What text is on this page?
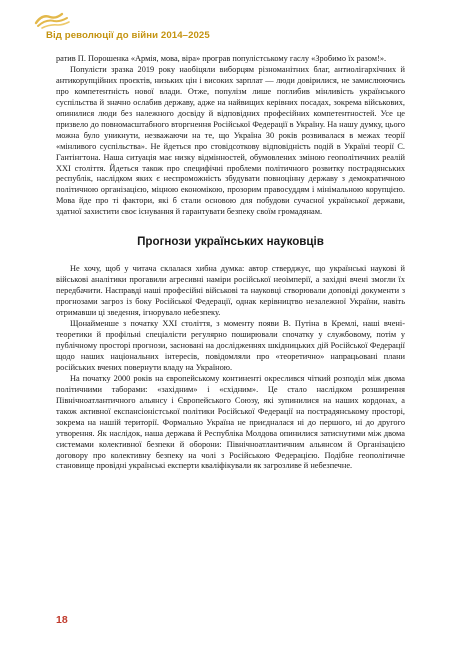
Від революції до війни 2014–2025

ратив П. Порошенка «Армія, мова, віра» програв популістському гаслу «Зробимо їх разом!».

Популісти зразка 2019 року наобіцяли виборцям різноманітних благ, антиолігархічних й антикорупційних проєктів, низьких цін і високих зарплат — люди довірилися, не замислюючись про компетентність нової влади. Отже, популізм лише поглибив мінливість українського суспільства й значно ослабив державу, адже на найвищих керівних посадах, зокрема військових, опинилися люди без належного досвіду й відповідних професійних компетентностей. Усе це призвело до повномасштабного вторгнення Російської Федерації в Україну. На нашу думку, цього можна було уникнути, незважаючи на те, що Україна 30 років розвивалася в межах теорії «мінливого суспільства». Не йдеться про стовідсоткову відповідність подій в Україні теорії С. Гантінгтона. Наша ситуація має низку відмінностей, обумовлених зміною геополітичних реалій ХХІ століття. Йдеться також про специфічні проблеми політичного розвитку пострадянських республік, наслідком яких є неспроможність збудувати повноцінну державу з демократичною політичною організацією, міцною економікою, прозорим правосуддям і мінімальною корупцією. Мова йде про ті фактори, які б стали основою для побудови сучасної української держави, здатної захистити своє існування й гарантувати безпеку своїм громадянам.

Прогнози українських науковців

Не хочу, щоб у читача склалася хибна думка: автор стверджує, що українські наукові й військові аналітики прогавили агресивні наміри російської неоімперії, а західні вчені змогли їх передбачити. Насправді наші професійні військові та науковці створювали доповіді документи з прогнозами загроз із боку Російської Федерації, однак керівництво незалежної України, навіть отримавши ці зведення, ігнорувало небезпеку.

Щонайменше з початку ХХІ століття, з моменту появи В. Путіна в Кремлі, наші вчені-теоретики й профільні спеціалісти регулярно поширювали спочатку у службовому, потім у публічному просторі прогнози, засновані на дослідженнях шкідницьких дій Російської Федерації щодо наших національних інтересів, повідомляли про «теоретично» напрацьовані плани російських вчених повернути владу на Україною.

На початку 2000 років на європейському континенті окреслився чіткий розподіл між двома політичними таборами: «західним» і «східним». Це стало наслідком розширення Північноатлантичного альянсу і Європейського Союзу, які зупинилися на наших кордонах, а також активної експансіоністської політики Російської Федерації на пострадянському просторі, зокрема на нашій території. Формально Україна не приєдналася ні до першого, ні до другого утворення. Як наслідок, наша держава й Республіка Молдова опинилися затиснутими між двома системами колективної безпеки й оборони: Північноатлантичним альянсом й Організацією договору про колективну безпеку на чолі з Російською Федерацією. Подібне геополітичне становище провідні українські експерти кваліфікували як загрозливе й небезпечне.

18
